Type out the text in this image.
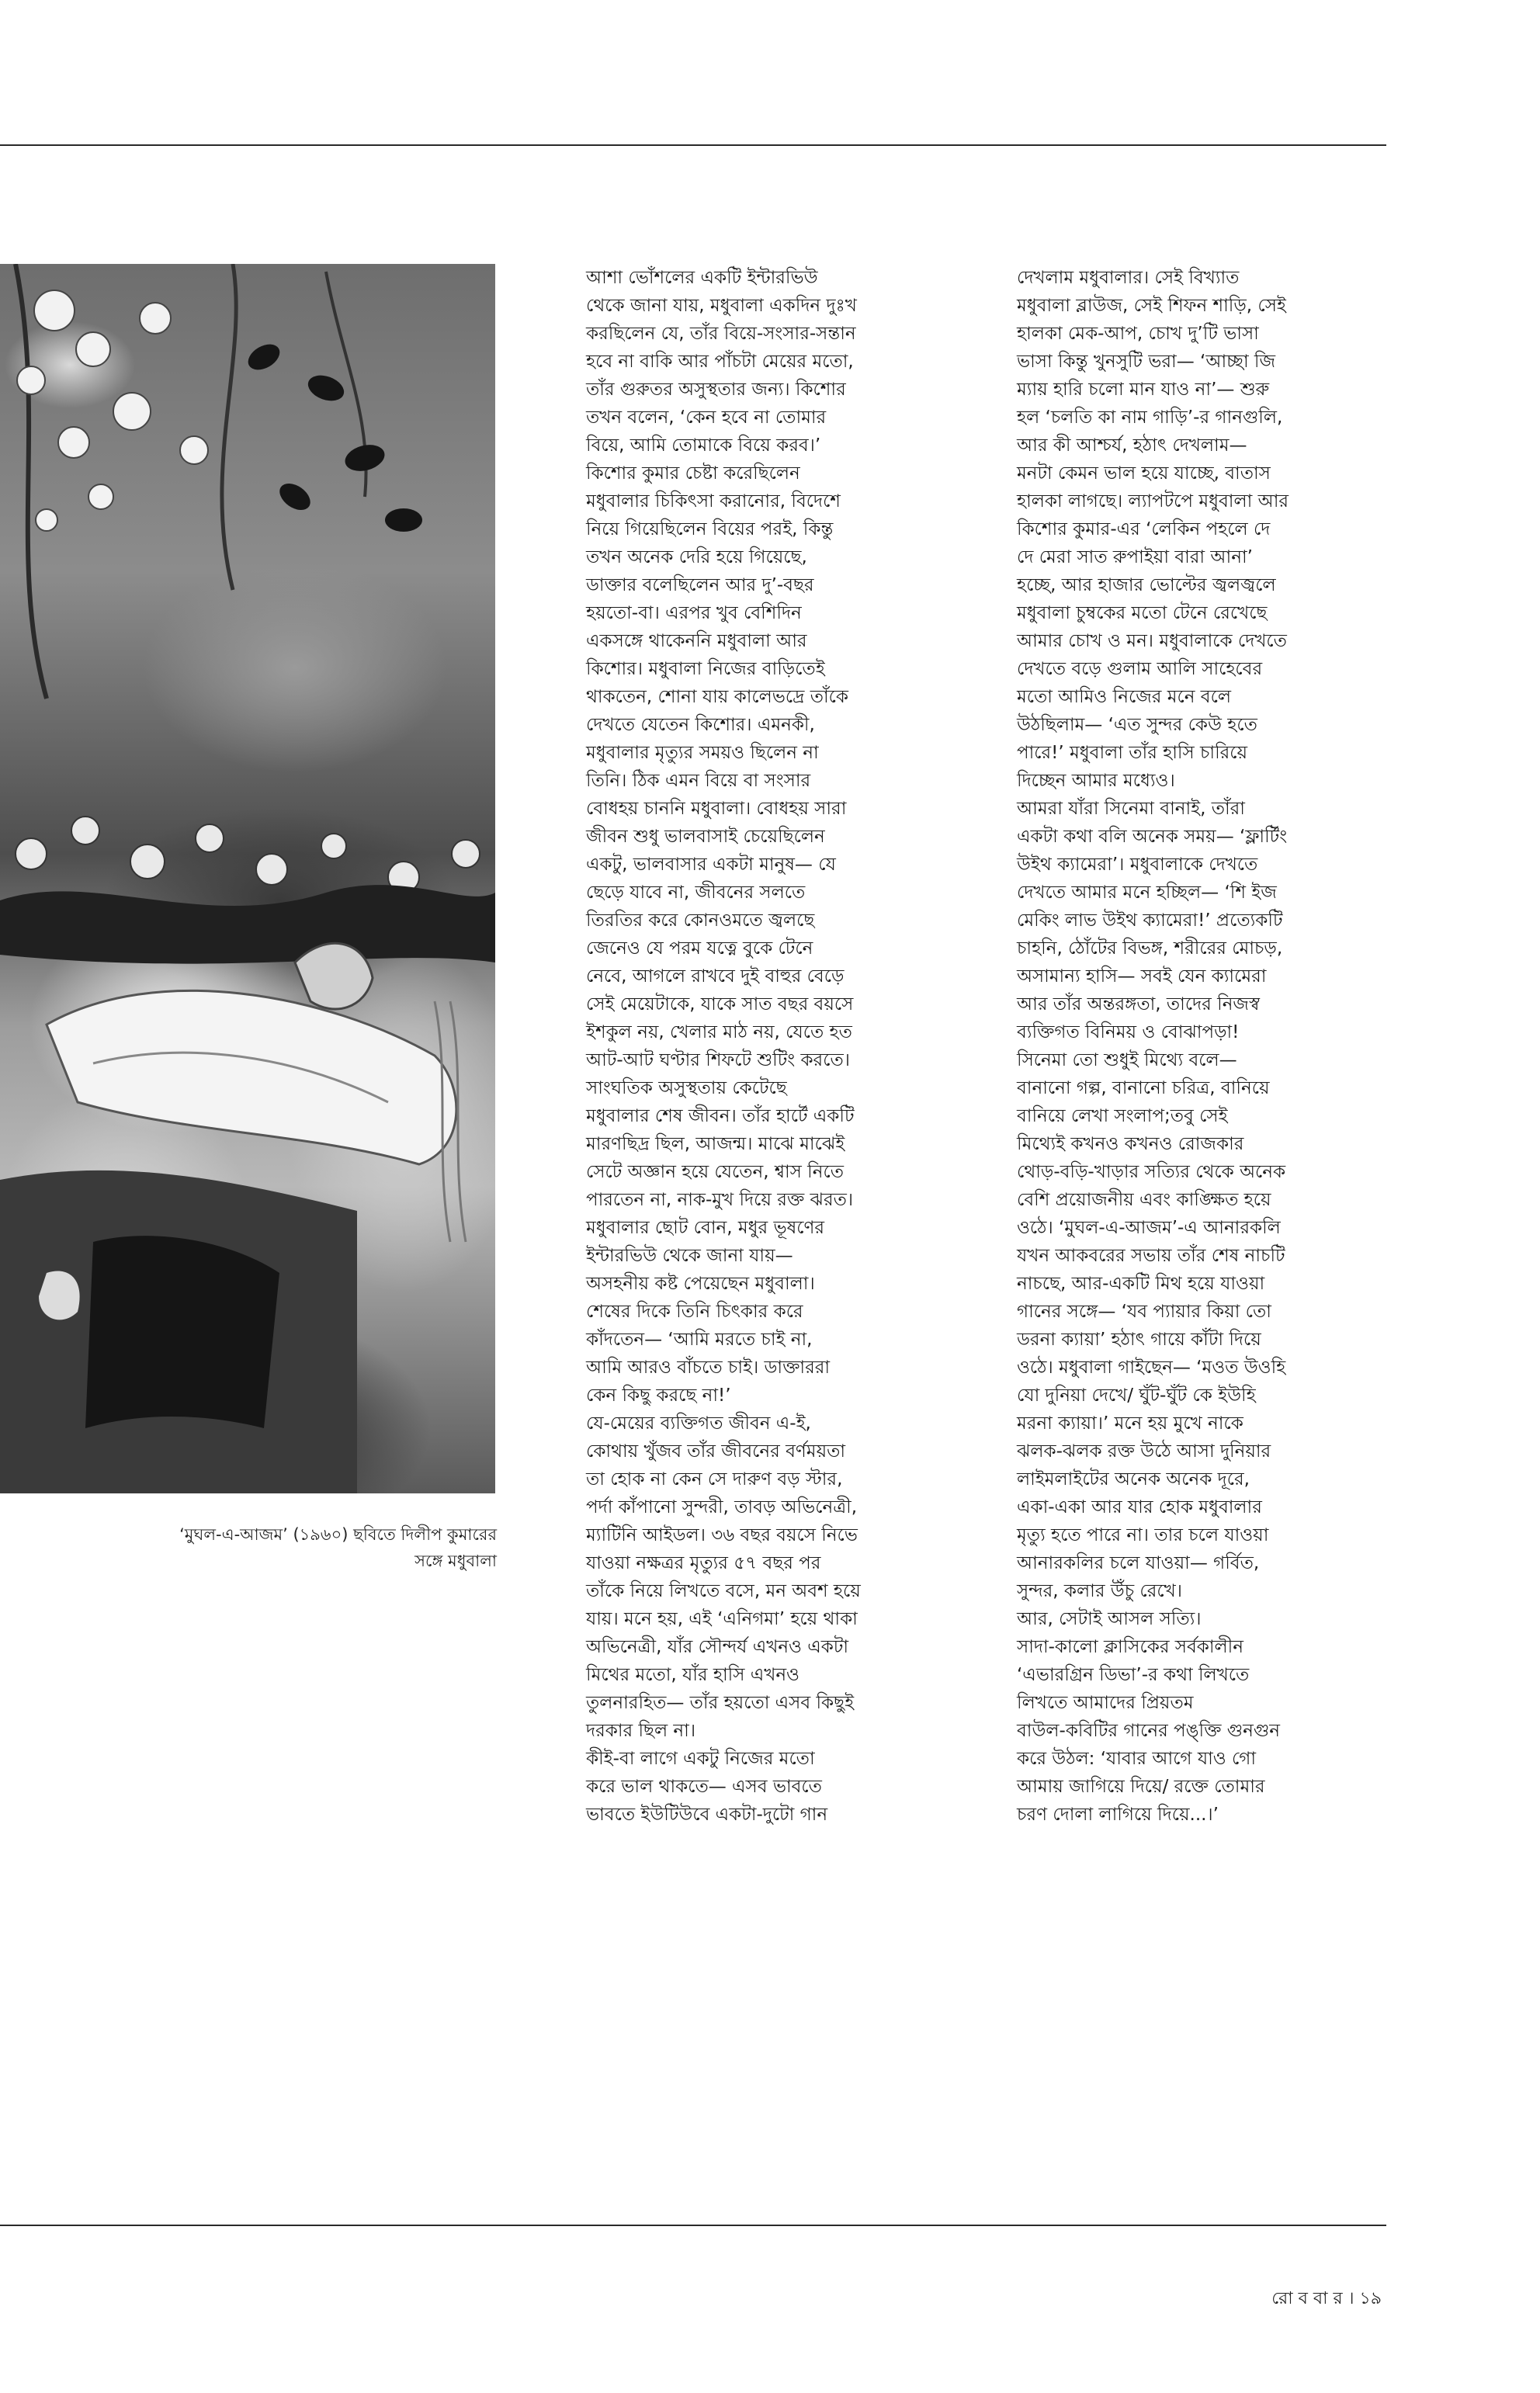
‘মুঘল-এ-আজম’ (১৯৬০) ছবিতে দিলীপ কুমারের
সঙ্গে মধুবালা
আশা ভোঁশলের একটি ইন্টারভিউ
থেকে জানা যায়, মধুবালা একদিন দুঃখ
করছিলেন যে, তাঁর বিয়ে-সংসার-সন্তান
হবে না বাকি আর পাঁচটা মেয়ের মতো,
তাঁর গুরুতর অসুস্থতার জন্য। কিশোর
তখন বলেন, ‘কেন হবে না তোমার
বিয়ে, আমি তোমাকে বিয়ে করব।’
কিশোর কুমার চেষ্টা করেছিলেন
মধুবালার চিকিৎসা করানোর, বিদেশে
নিয়ে গিয়েছিলেন বিয়ের পরই, কিন্তু
তখন অনেক দেরি হয়ে গিয়েছে,
ডাক্তার বলেছিলেন আর দু’-বছর
হয়তো-বা। এরপর খুব বেশিদিন
একসঙ্গে থাকেননি মধুবালা আর
কিশোর। মধুবালা নিজের বাড়িতেই
থাকতেন, শোনা যায় কালেভদ্রে তাঁকে
দেখতে যেতেন কিশোর। এমনকী,
মধুবালার মৃত্যুর সময়ও ছিলেন না
তিনি। ঠিক এমন বিয়ে বা সংসার
বোধহয় চাননি মধুবালা। বোধহয় সারা
জীবন শুধু ভালবাসাই চেয়েছিলেন
একটু, ভালবাসার একটা মানুষ— যে
ছেড়ে যাবে না, জীবনের সলতে
তিরতির করে কোনওমতে জ্বলছে
জেনেও যে পরম যত্নে বুকে টেনে
নেবে, আগলে রাখবে দুই বাহুর বেড়ে
সেই মেয়েটাকে, যাকে সাত বছর বয়সে
ইশকুল নয়, খেলার মাঠ নয়, যেতে হত
আট-আট ঘণ্টার শিফটে শুটিং করতে।
সাংঘতিক অসুস্থতায় কেটেছে
মধুবালার শেষ জীবন। তাঁর হার্টে একটি
মারণছিদ্র ছিল, আজন্ম। মাঝে মাঝেই
সেটে অজ্ঞান হয়ে যেতেন, শ্বাস নিতে
পারতেন না, নাক-মুখ দিয়ে রক্ত ঝরত।
মধুবালার ছোট বোন, মধুর ভূষণের
ইন্টারভিউ থেকে জানা যায়—
অসহনীয় কষ্ট পেয়েছেন মধুবালা।
শেষের দিকে তিনি চিৎকার করে
কাঁদতেন— ‘আমি মরতে চাই না,
আমি আরও বাঁচতে চাই। ডাক্তাররা
কেন কিছু করছে না!’
যে-মেয়ের ব্যক্তিগত জীবন এ-ই,
কোথায় খুঁজব তাঁর জীবনের বর্ণময়তা
তা হোক না কেন সে দারুণ বড় স্টার,
পর্দা কাঁপানো সুন্দরী, তাবড় অভিনেত্রী,
ম্যাটিনি আইডল। ৩৬ বছর বয়সে নিভে
যাওয়া নক্ষত্রর মৃত্যুর ৫৭ বছর পর
তাঁকে নিয়ে লিখতে বসে, মন অবশ হয়ে
যায়। মনে হয়, এই ‘এনিগমা’ হয়ে থাকা
অভিনেত্রী, যাঁর সৌন্দর্য এখনও একটা
মিথের মতো, যাঁর হাসি এখনও
তুলনারহিত— তাঁর হয়তো এসব কিছুই
দরকার ছিল না।
কীই-বা লাগে একটু নিজের মতো
করে ভাল থাকতে— এসব ভাবতে
ভাবতে ইউটিউবে একটা-দুটো গান
দেখলাম মধুবালার। সেই বিখ্যাত
মধুবালা ব্লাউজ, সেই শিফন শাড়ি, সেই
হালকা মেক-আপ, চোখ দু’টি ভাসা
ভাসা কিন্তু খুনসুটি ভরা— ‘আচ্ছা জি
ম্যায় হারি চলো মান যাও না’— শুরু
হল ‘চলতি কা নাম গাড়ি’-র গানগুলি,
আর কী আশ্চর্য, হঠাৎ দেখলাম—
মনটা কেমন ভাল হয়ে যাচ্ছে, বাতাস
হালকা লাগছে। ল্যাপটপে মধুবালা আর
কিশোর কুমার-এর ‘লেকিন পহলে দে
দে মেরা সাত রুপাইয়া বারা আনা’
হচ্ছে, আর হাজার ভোল্টের জ্বলজ্বলে
মধুবালা চুম্বকের মতো টেনে রেখেছে
আমার চোখ ও মন। মধুবালাকে দেখতে
দেখতে বড়ে গুলাম আলি সাহেবের
মতো আমিও নিজের মনে বলে
উঠছিলাম— ‘এত সুন্দর কেউ হতে
পারে!’ মধুবালা তাঁর হাসি চারিয়ে
দিচ্ছেন আমার মধ্যেও।
আমরা যাঁরা সিনেমা বানাই, তাঁরা
একটা কথা বলি অনেক সময়— ‘ফ্লার্টিং
উইথ ক্যামেরা’। মধুবালাকে দেখতে
দেখতে আমার মনে হচ্ছিল— ‘শি ইজ
মেকিং লাভ উইথ ক্যামেরা!’ প্রত্যেকটি
চাহনি, ঠোঁটের বিভঙ্গ, শরীরের মোচড়,
অসামান্য হাসি— সবই যেন ক্যামেরা
আর তাঁর অন্তরঙ্গতা, তাদের নিজস্ব
ব্যক্তিগত বিনিময় ও বোঝাপড়া!
সিনেমা তো শুধুই মিথ্যে বলে—
বানানো গল্প, বানানো চরিত্র, বানিয়ে
বানিয়ে লেখা সংলাপ;তবু সেই
মিথ্যেই কখনও কখনও রোজকার
থোড়-বড়ি-খাড়ার সত্যির থেকে অনেক
বেশি প্রয়োজনীয় এবং কাঙ্ক্ষিত হয়ে
ওঠে। ‘মুঘল-এ-আজম’-এ আনারকলি
যখন আকবরের সভায় তাঁর শেষ নাচটি
নাচছে, আর-একটি মিথ হয়ে যাওয়া
গানের সঙ্গে— ‘যব প্যায়ার কিয়া তো
ডরনা ক্যায়া’ হঠাৎ গায়ে কাঁটা দিয়ে
ওঠে। মধুবালা গাইছেন— ‘মওত উওহি
যো দুনিয়া দেখে/ ঘুঁট-ঘুঁট কে ইউহি
মরনা ক্যায়া।’ মনে হয় মুখে নাকে
ঝলক-ঝলক রক্ত উঠে আসা দুনিয়ার
লাইমলাইটের অনেক অনেক দূরে,
একা-একা আর যার হোক মধুবালার
মৃত্যু হতে পারে না। তার চলে যাওয়া
আনারকলির চলে যাওয়া— গর্বিত,
সুন্দর, কলার উঁচু রেখে।
আর, সেটাই আসল সত্যি।
সাদা-কালো ক্লাসিকের সর্বকালীন
‘এভারগ্রিন ডিভা’-র কথা লিখতে
লিখতে আমাদের প্রিয়তম
বাউল-কবিটির গানের পঙ্‌ক্তি গুনগুন
করে উঠল: ‘যাবার আগে যাও গো
আমায় জাগিয়ে দিয়ে/ রক্তে তোমার
চরণ দোলা লাগিয়ে দিয়ে...।’
রো ব বা র । ১৯
